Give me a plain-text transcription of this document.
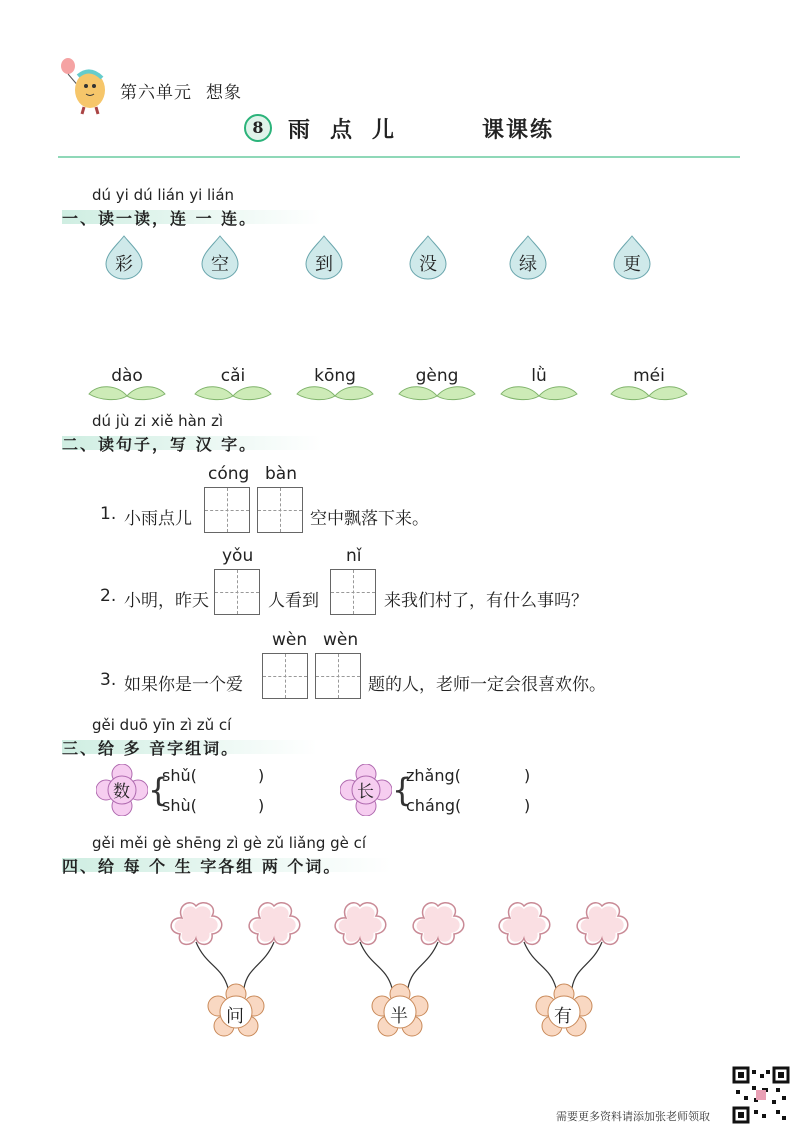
第六单元 想象
8	雨点儿	课课练
dú yi dú lián yi lián
一、读一读，连 一 连。
彩	空	到	没	绿	更
dào	cǎi	kōng	gèng	lǜ	méi
dú jù zi xiě hàn zì
二、读句子，写 汉 字。
cóng bàn
1. 小雨点儿	空中飘落下来。
yǒu	nǐ
2. 小明，昨天	人看到	来我们村了，有什么事吗？
wèn wèn
3. 如果你是一个爱	题的人，老师一定会很喜欢你。
gěi duō yīn zì zǔ cí
三、给 多 音字组词。
数 {
shǔ(	)
shù(	)
长 {
zhǎng(	)
cháng(	)
gěi měi gè shēng zì gè zǔ liǎng gè cí
四、给 每 个 生 字各组 两 个词。
问	半	有
需要更多资料请添加张老师领取
